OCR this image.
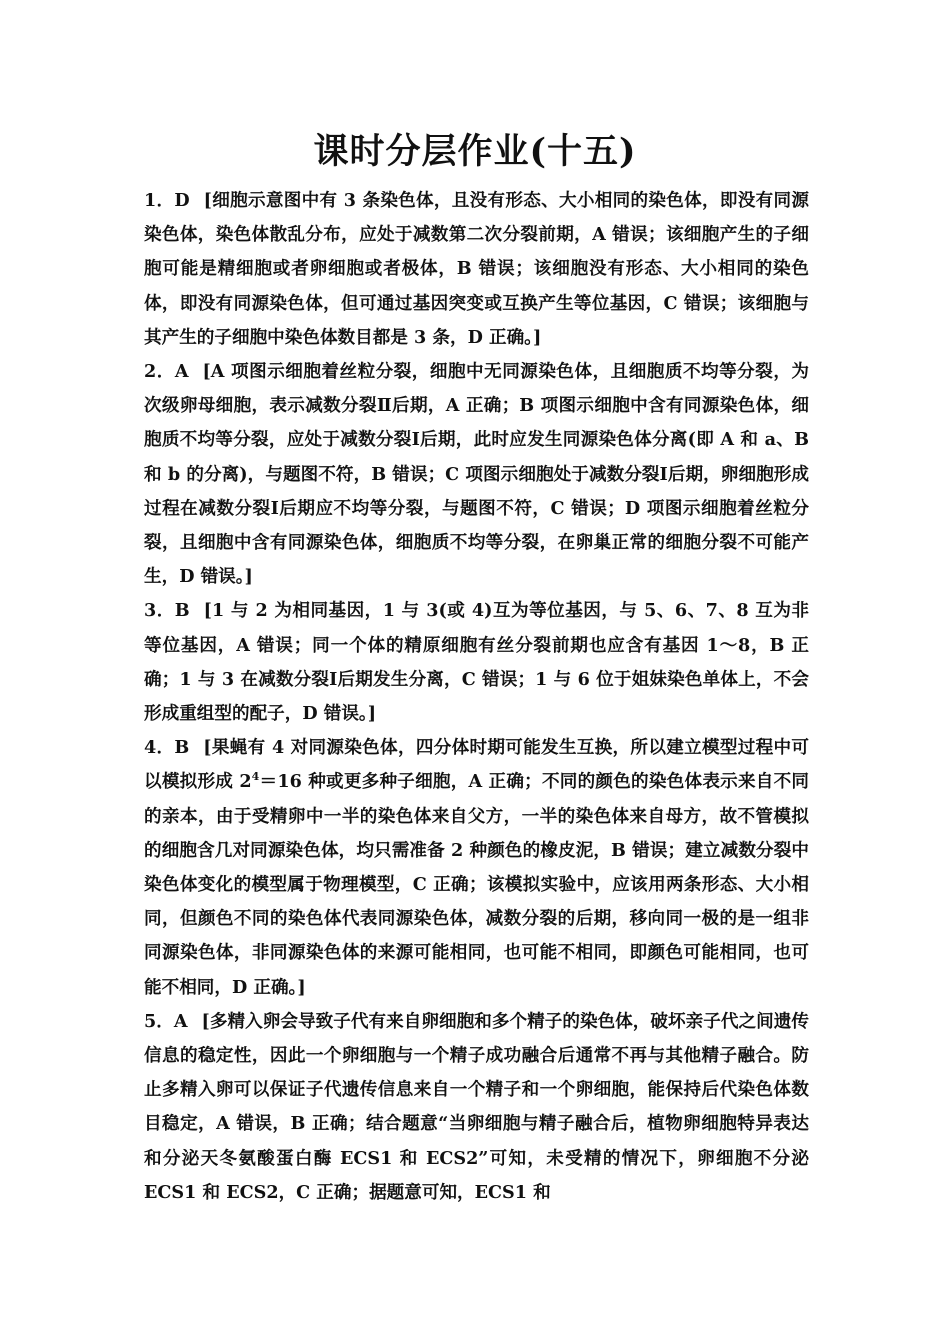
课时分层作业(十五)

1．D [细胞示意图中有 3 条染色体，且没有形态、大小相同的染色体，即没有同源染色体，染色体散乱分布，应处于减数第二次分裂前期，A 错误；该细胞产生的子细胞可能是精细胞或者卵细胞或者极体，B 错误；该细胞没有形态、大小相同的染色体，即没有同源染色体，但可通过基因突变或互换产生等位基因，C 错误；该细胞与其产生的子细胞中染色体数目都是 3 条，D 正确。]

2．A [A 项图示细胞着丝粒分裂，细胞中无同源染色体，且细胞质不均等分裂，为次级卵母细胞，表示减数分裂Ⅱ后期，A 正确；B 项图示细胞中含有同源染色体，细胞质不均等分裂，应处于减数分裂Ⅰ后期，此时应发生同源染色体分离(即 A 和 a、B 和 b 的分离)，与题图不符，B 错误；C 项图示细胞处于减数分裂Ⅰ后期，卵细胞形成过程在减数分裂Ⅰ后期应不均等分裂，与题图不符，C 错误；D 项图示细胞着丝粒分裂，且细胞中含有同源染色体，细胞质不均等分裂，在卵巢正常的细胞分裂不可能产生，D 错误。]

3．B [1 与 2 为相同基因，1 与 3(或 4)互为等位基因，与 5、6、7、8 互为非等位基因，A 错误；同一个体的精原细胞有丝分裂前期也应含有基因 1～8，B 正确；1 与 3 在减数分裂Ⅰ后期发生分离，C 错误；1 与 6 位于姐妹染色单体上，不会形成重组型的配子，D 错误。]

4．B [果蝇有 4 对同源染色体，四分体时期可能发生互换，所以建立模型过程中可以模拟形成 $2^4=16$ 种或更多种子细胞，A 正确；不同的颜色的染色体表示来自不同的亲本，由于受精卵中一半的染色体来自父方，一半的染色体来自母方，故不管模拟的细胞含几对同源染色体，均只需准备 2 种颜色的橡皮泥，B 错误；建立减数分裂中染色体变化的模型属于物理模型，C 正确；该模拟实验中，应该用两条形态、大小相同，但颜色不同的染色体代表同源染色体，减数分裂的后期，移向同一极的是一组非同源染色体，非同源染色体的来源可能相同，也可能不相同，即颜色可能相同，也可能不相同，D 正确。]

5．A [多精入卵会导致子代有来自卵细胞和多个精子的染色体，破坏亲子代之间遗传信息的稳定性，因此一个卵细胞与一个精子成功融合后通常不再与其他精子融合。防止多精入卵可以保证子代遗传信息来自一个精子和一个卵细胞，能保持后代染色体数目稳定，A 错误，B 正确；结合题意“当卵细胞与精子融合后，植物卵细胞特异表达和分泌天冬氨酸蛋白酶 ECS1 和 ECS2”可知，未受精的情况下，卵细胞不分泌 ECS1 和 ECS2，C 正确；据题意可知，ECS1 和
